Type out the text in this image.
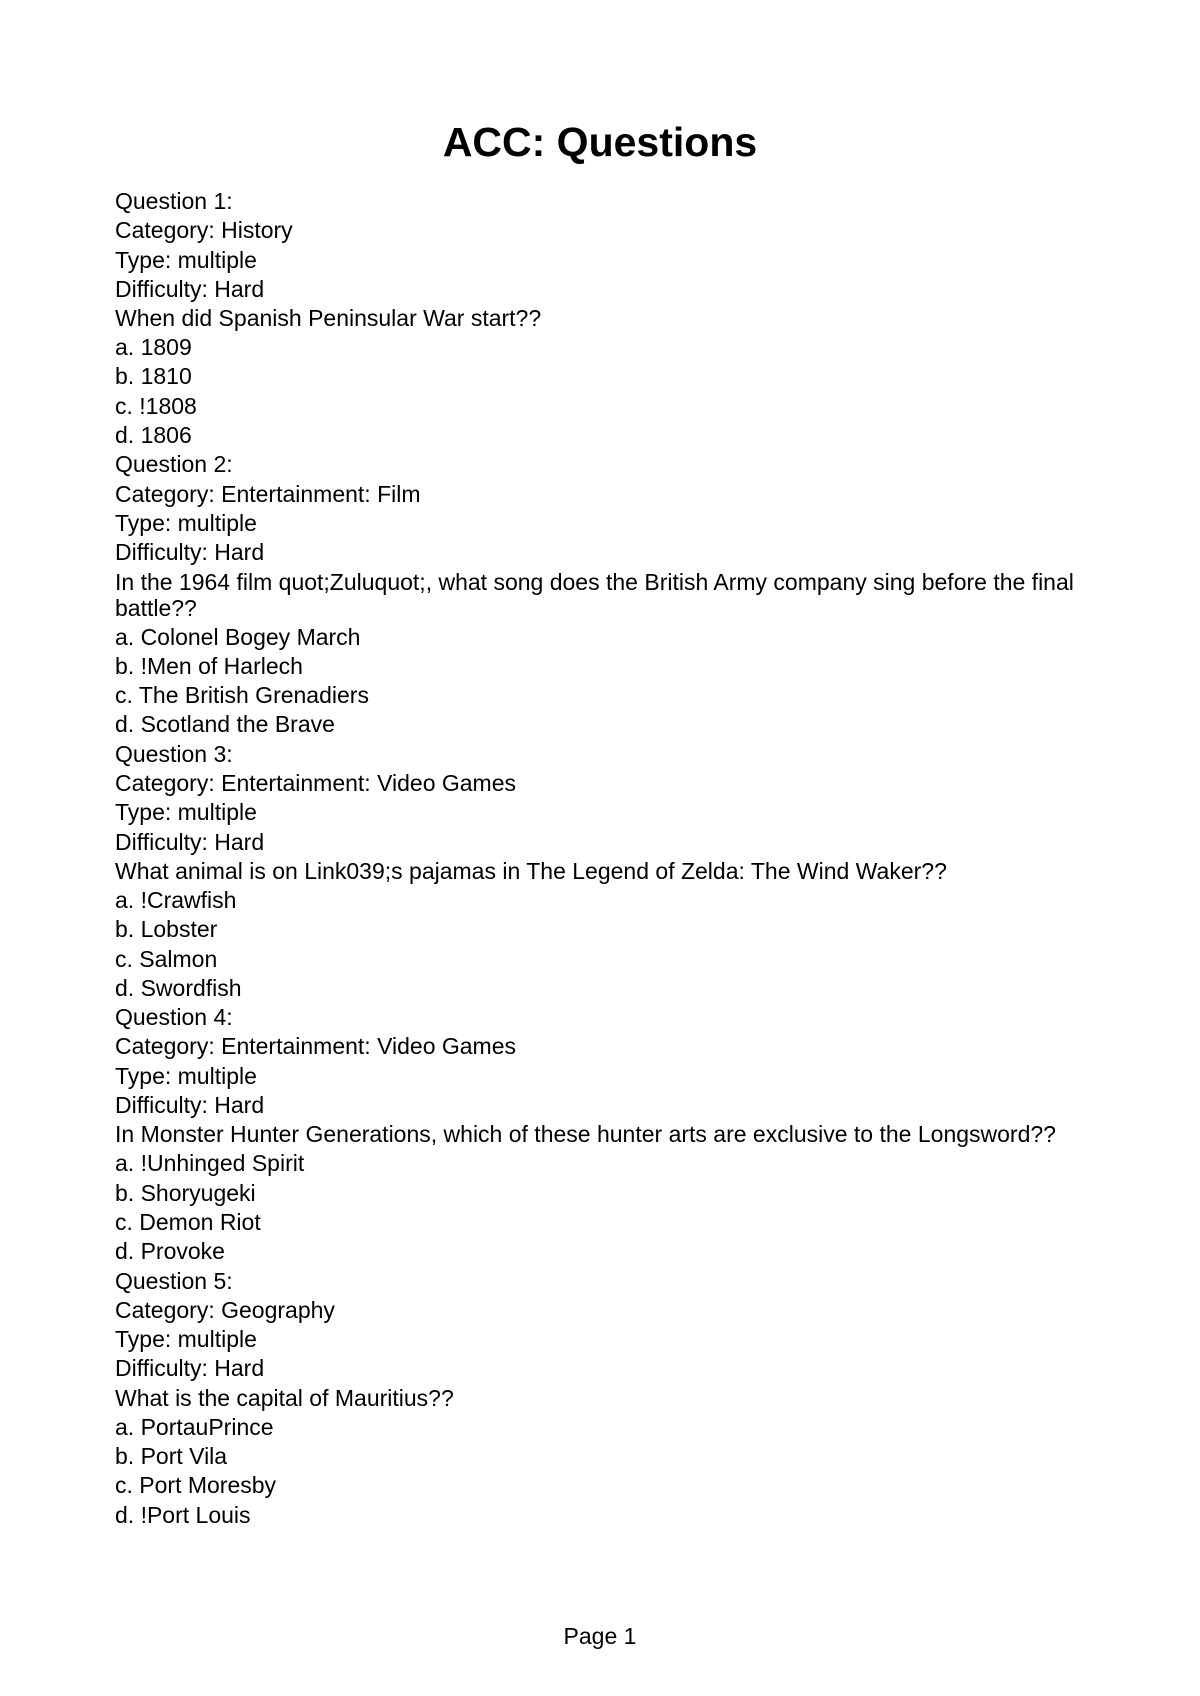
ACC: Questions
Question 1:
Category: History
Type: multiple
Difficulty: Hard
When did Spanish Peninsular War start??
a. 1809
b. 1810
c. !1808
d. 1806
Question 2:
Category: Entertainment: Film
Type: multiple
Difficulty: Hard
In the 1964 film quot;Zuluquot;, what song does the British Army company sing before the final battle??
a. Colonel Bogey March
b. !Men of Harlech
c. The British Grenadiers
d. Scotland the Brave
Question 3:
Category: Entertainment: Video Games
Type: multiple
Difficulty: Hard
What animal is on Link039;s pajamas in The Legend of Zelda: The Wind Waker??
a. !Crawfish
b. Lobster
c. Salmon
d. Swordfish
Question 4:
Category: Entertainment: Video Games
Type: multiple
Difficulty: Hard
In Monster Hunter Generations, which of these hunter arts are exclusive to the Longsword??
a. !Unhinged Spirit
b. Shoryugeki
c. Demon Riot
d. Provoke
Question 5:
Category: Geography
Type: multiple
Difficulty: Hard
What is the capital of Mauritius??
a. PortauPrince
b. Port Vila
c. Port Moresby
d. !Port Louis
Page 1
